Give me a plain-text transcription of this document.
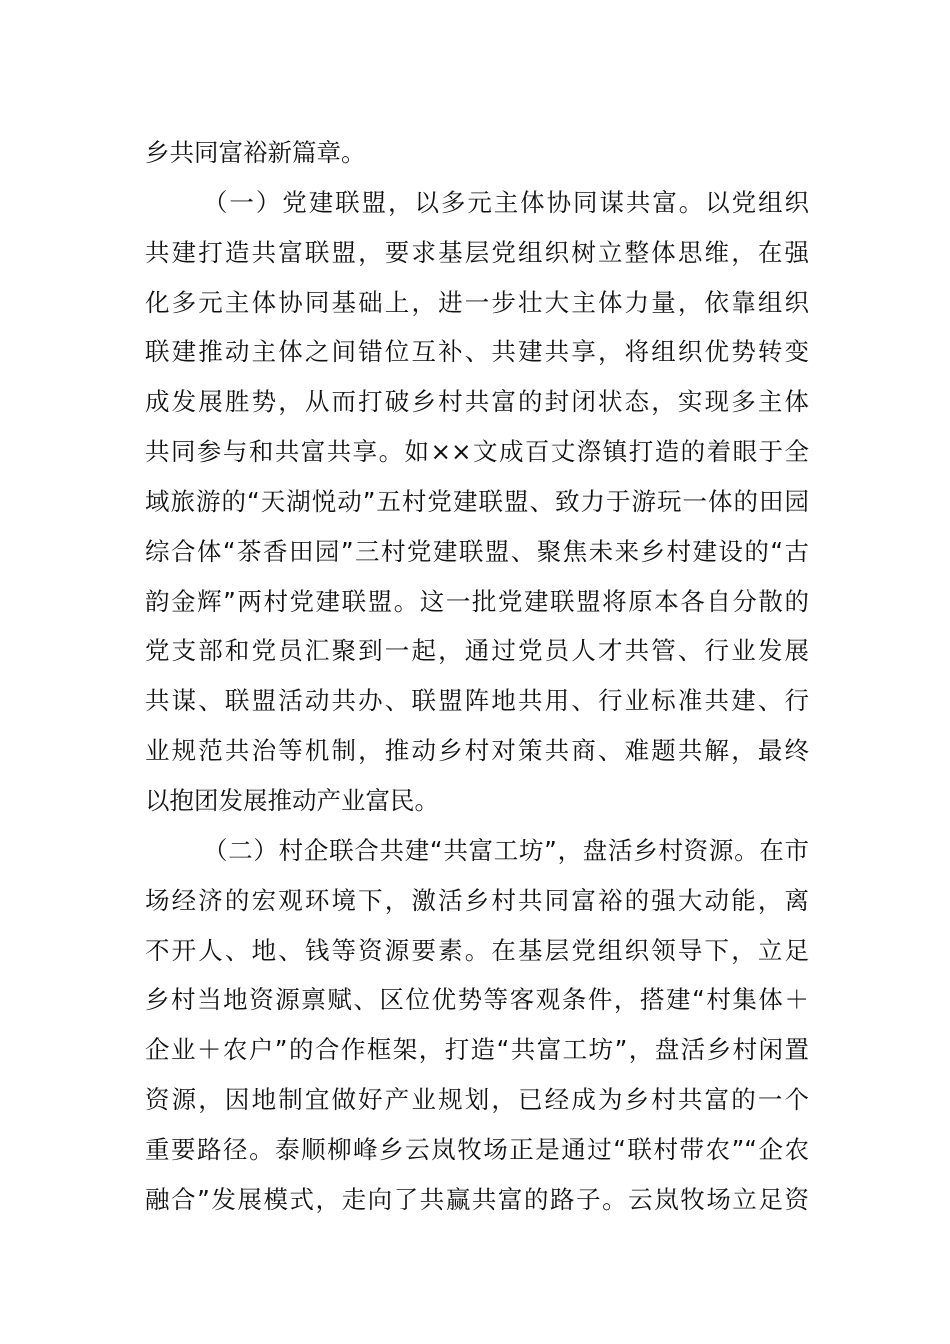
乡共同富裕新篇章。
（一）党建联盟，以多元主体协同谋共富。以党组织
共建打造共富联盟，要求基层党组织树立整体思维，在强
化多元主体协同基础上，进一步壮大主体力量，依靠组织
联建推动主体之间错位互补、共建共享，将组织优势转变
成发展胜势，从而打破乡村共富的封闭状态，实现多主体
共同参与和共富共享。如××文成百丈漈镇打造的着眼于全
域旅游的“天湖悦动”五村党建联盟、致力于游玩一体的田园
综合体“茶香田园”三村党建联盟、聚焦未来乡村建设的“古
韵金辉”两村党建联盟。这一批党建联盟将原本各自分散的
党支部和党员汇聚到一起，通过党员人才共管、行业发展
共谋、联盟活动共办、联盟阵地共用、行业标准共建、行
业规范共治等机制，推动乡村对策共商、难题共解，最终
以抱团发展推动产业富民。
（二）村企联合共建“共富工坊”，盘活乡村资源。在市
场经济的宏观环境下，激活乡村共同富裕的强大动能，离
不开人、地、钱等资源要素。在基层党组织领导下，立足
乡村当地资源禀赋、区位优势等客观条件，搭建“村集体＋
企业＋农户”的合作框架，打造“共富工坊”，盘活乡村闲置
资源，因地制宜做好产业规划，已经成为乡村共富的一个
重要路径。泰顺柳峰乡云岚牧场正是通过“联村带农”“企农
融合”发展模式，走向了共赢共富的路子。云岚牧场立足资
